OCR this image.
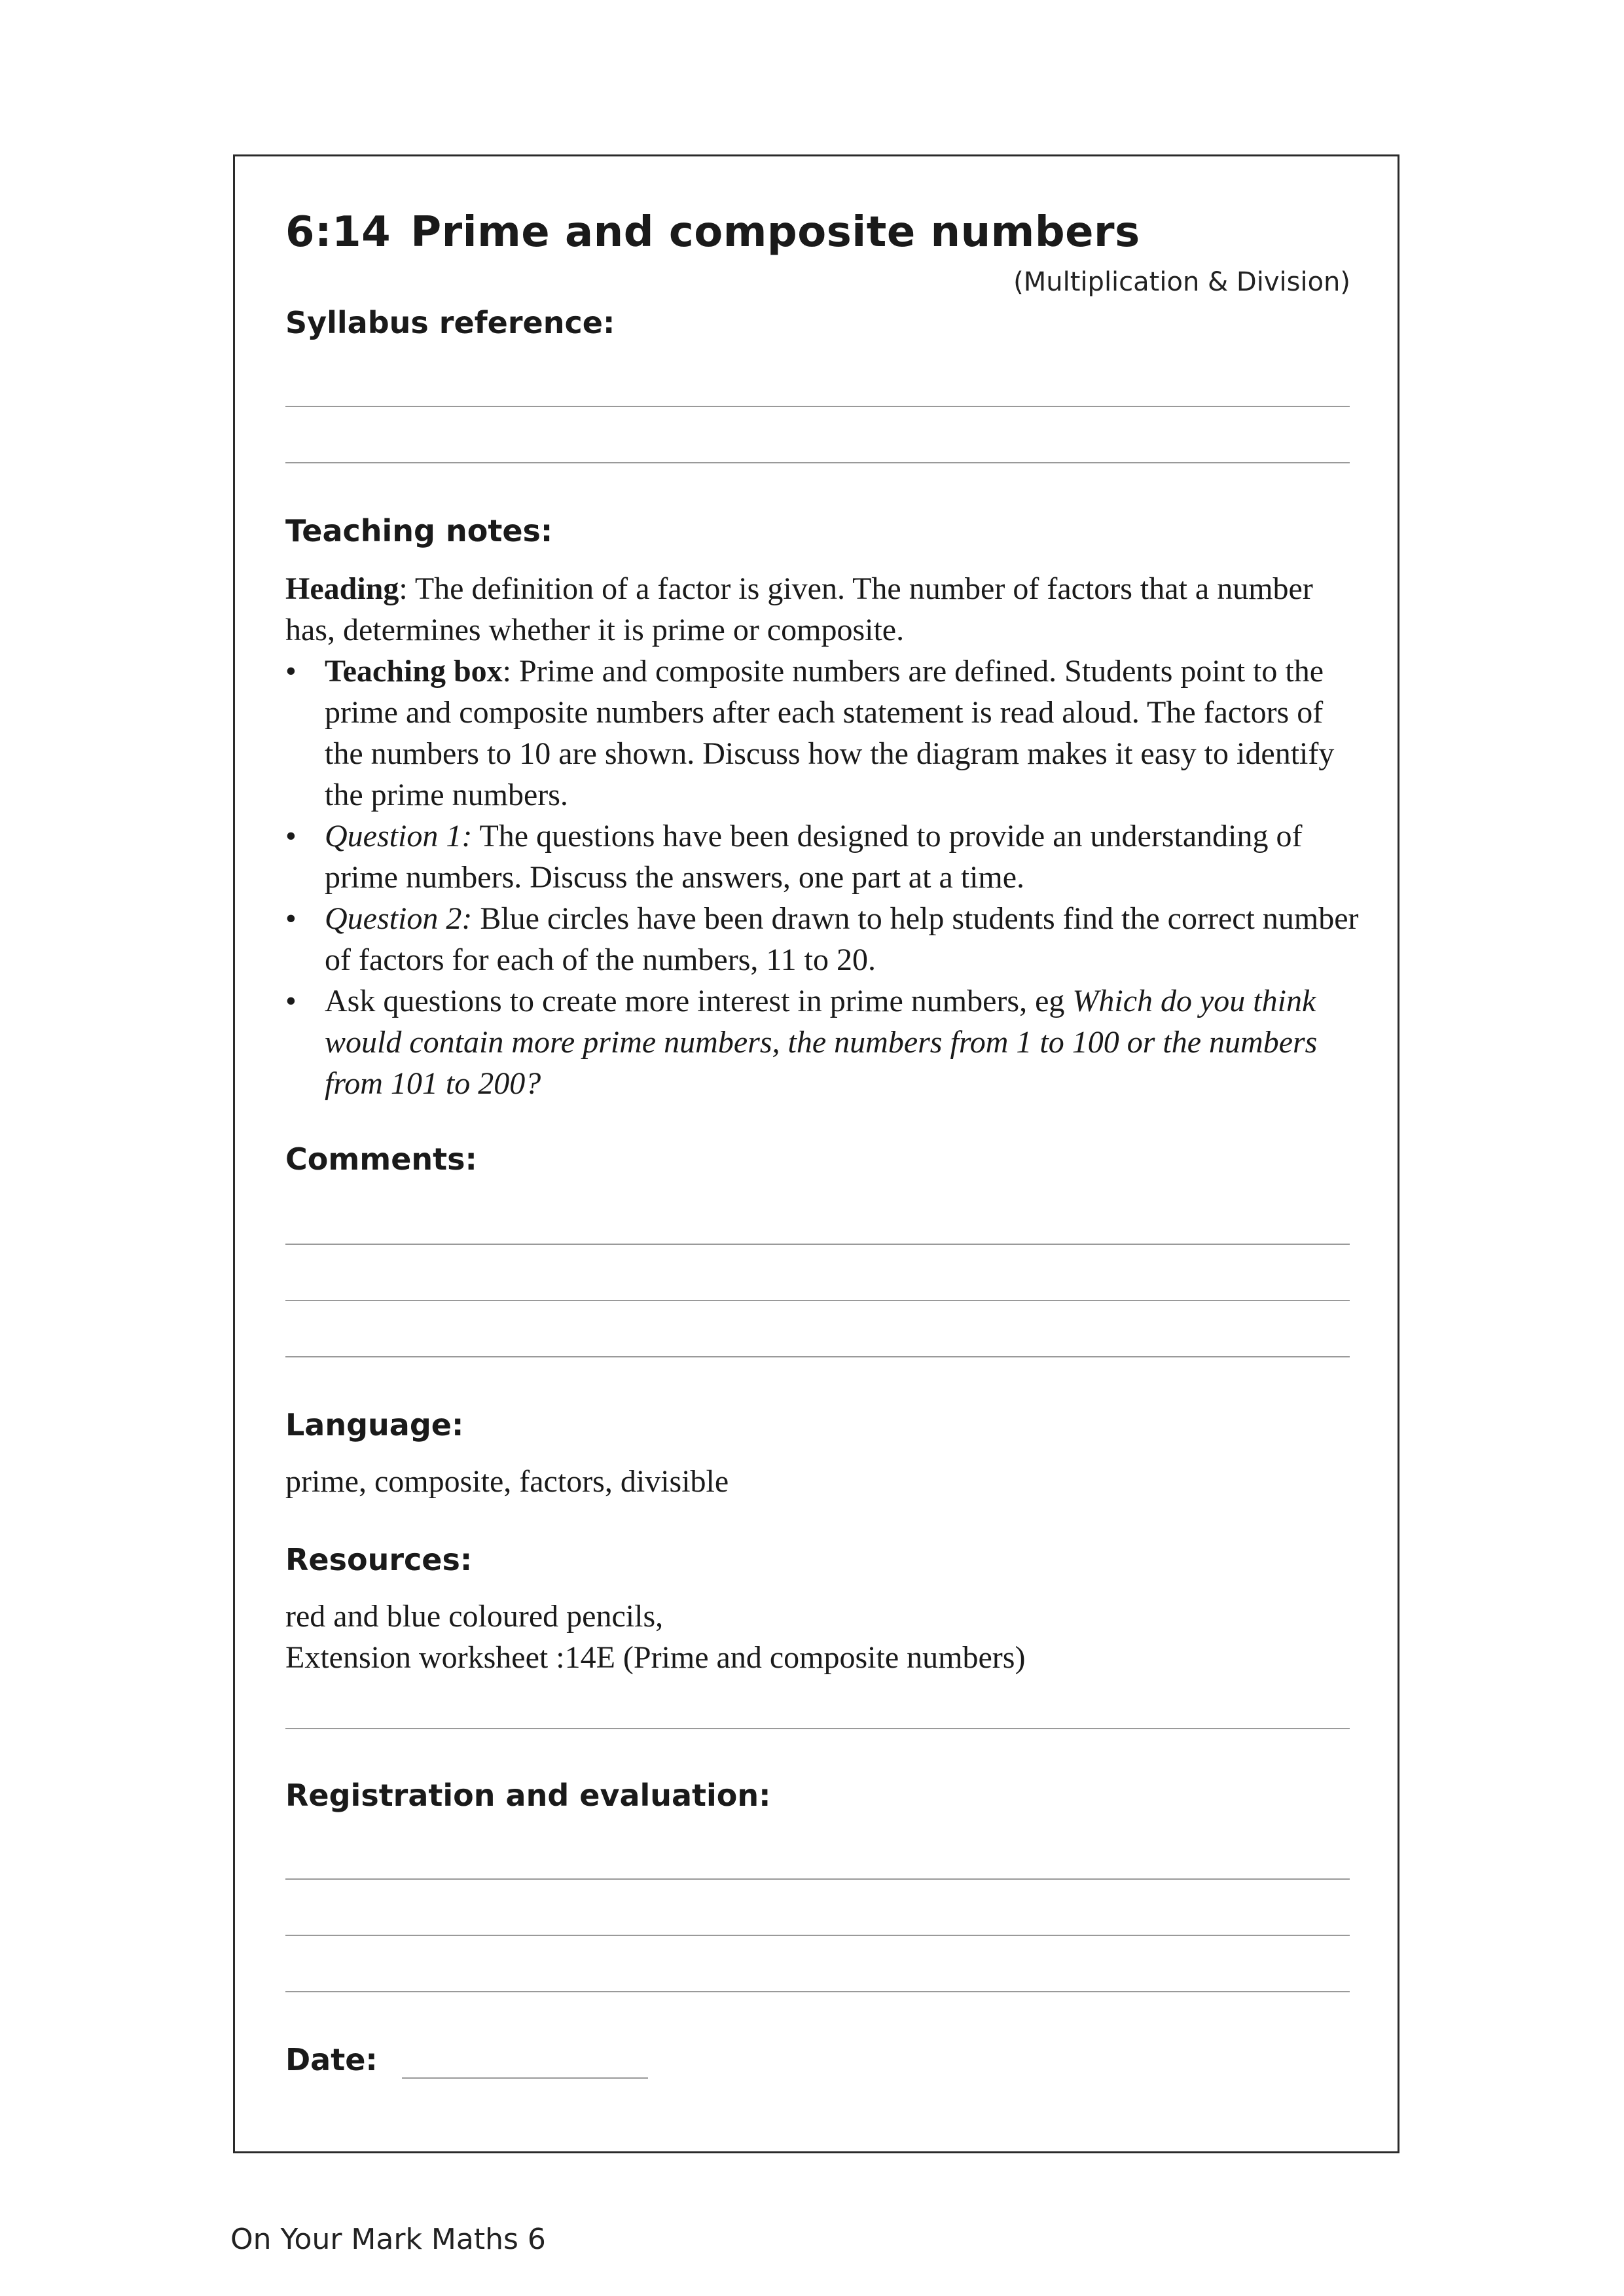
6:14 Prime and composite numbers
(Multiplication & Division)
Syllabus reference:
Teaching notes:

Heading: The definition of a factor is given. The number of factors that a number has, determines whether it is prime or composite.

• Teaching box: Prime and composite numbers are defined. Students point to the prime and composite numbers after each statement is read aloud. The factors of the numbers to 10 are shown. Discuss how the diagram makes it easy to identify the prime numbers.
• Question 1: The questions have been designed to provide an understanding of prime numbers. Discuss the answers, one part at a time.
• Question 2: Blue circles have been drawn to help students find the correct number of factors for each of the numbers, 11 to 20.
• Ask questions to create more interest in prime numbers, eg Which do you think would contain more prime numbers, the numbers from 1 to 100 or the numbers from 101 to 200?
Comments:
Language:
prime, composite, factors, divisible
Resources:

red and blue coloured pencils,

Extension worksheet :14E (Prime and composite numbers)

Registration and evaluation:
Date:
On Your Mark Maths 6
